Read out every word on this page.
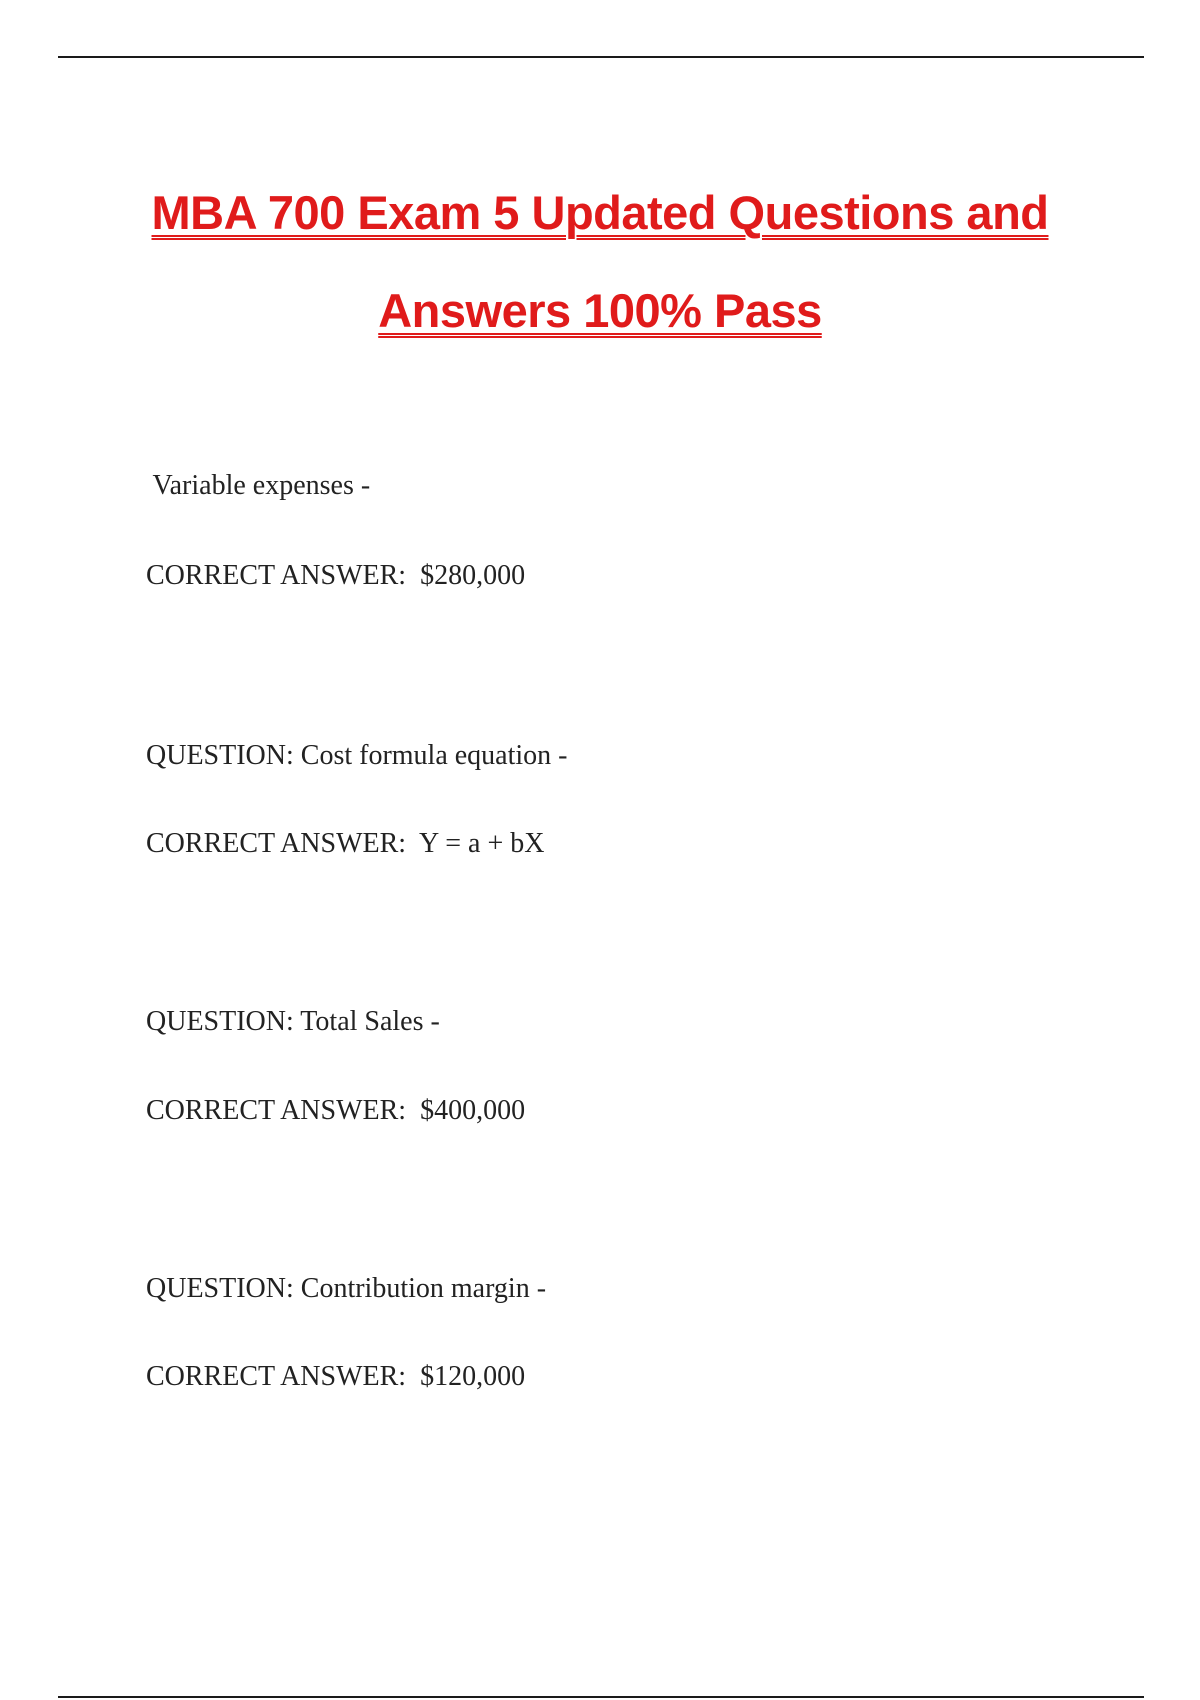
MBA 700 Exam 5 Updated Questions and
Answers 100% Pass
Variable expenses -
CORRECT ANSWER:  $280,000
QUESTION: Cost formula equation -
CORRECT ANSWER:  Y = a + bX
QUESTION: Total Sales -
CORRECT ANSWER:  $400,000
QUESTION: Contribution margin -
CORRECT ANSWER:  $120,000
